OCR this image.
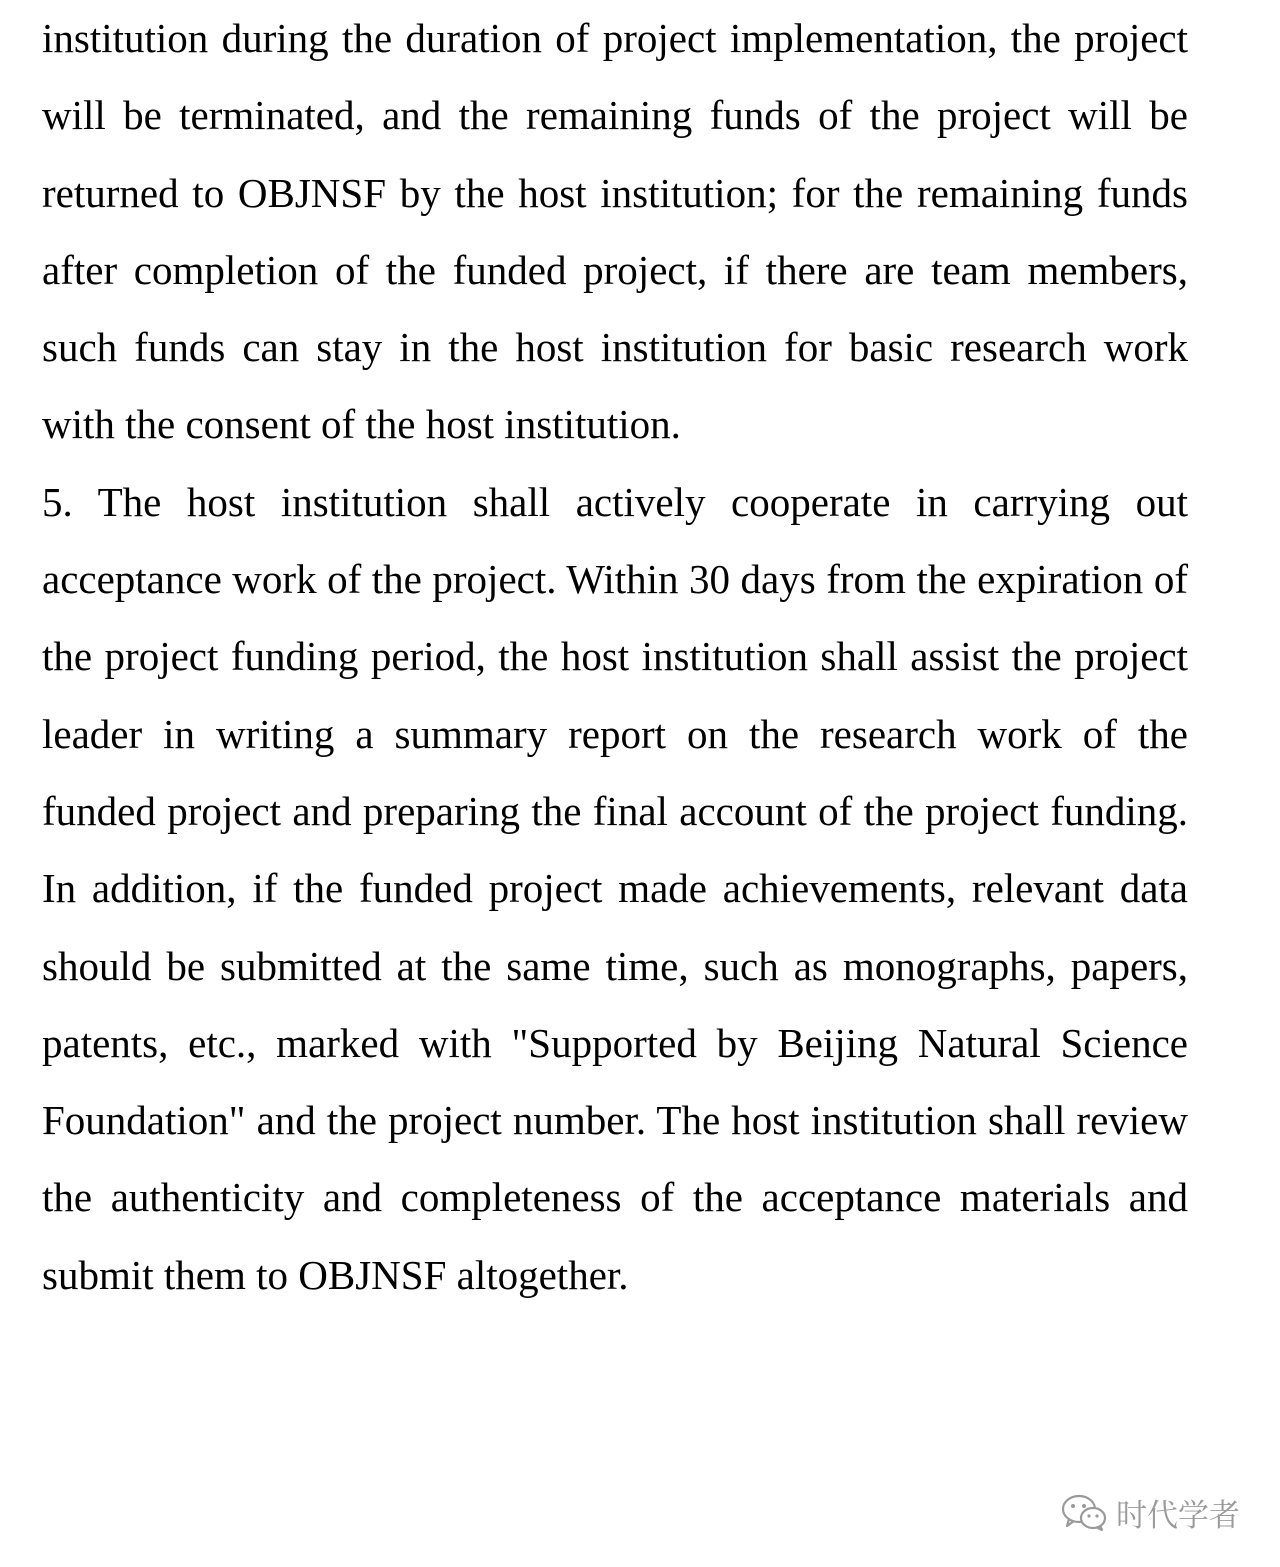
institution during the duration of project implementation, the project will be terminated, and the remaining funds of the project will be returned to OBJNSF by the host institution; for the remaining funds after completion of the funded project, if there are team members, such funds can stay in the host institution for basic research work with the consent of the host institution.

5. The host institution shall actively cooperate in carrying out acceptance work of the project. Within 30 days from the expiration of the project funding period, the host institution shall assist the project leader in writing a summary report on the research work of the funded project and preparing the final account of the project funding. In addition, if the funded project made achievements, relevant data should be submitted at the same time, such as monographs, papers, patents, etc., marked with "Supported by Beijing Natural Science Foundation" and the project number. The host institution shall review the authenticity and completeness of the acceptance materials and submit them to OBJNSF altogether.

时代学者
